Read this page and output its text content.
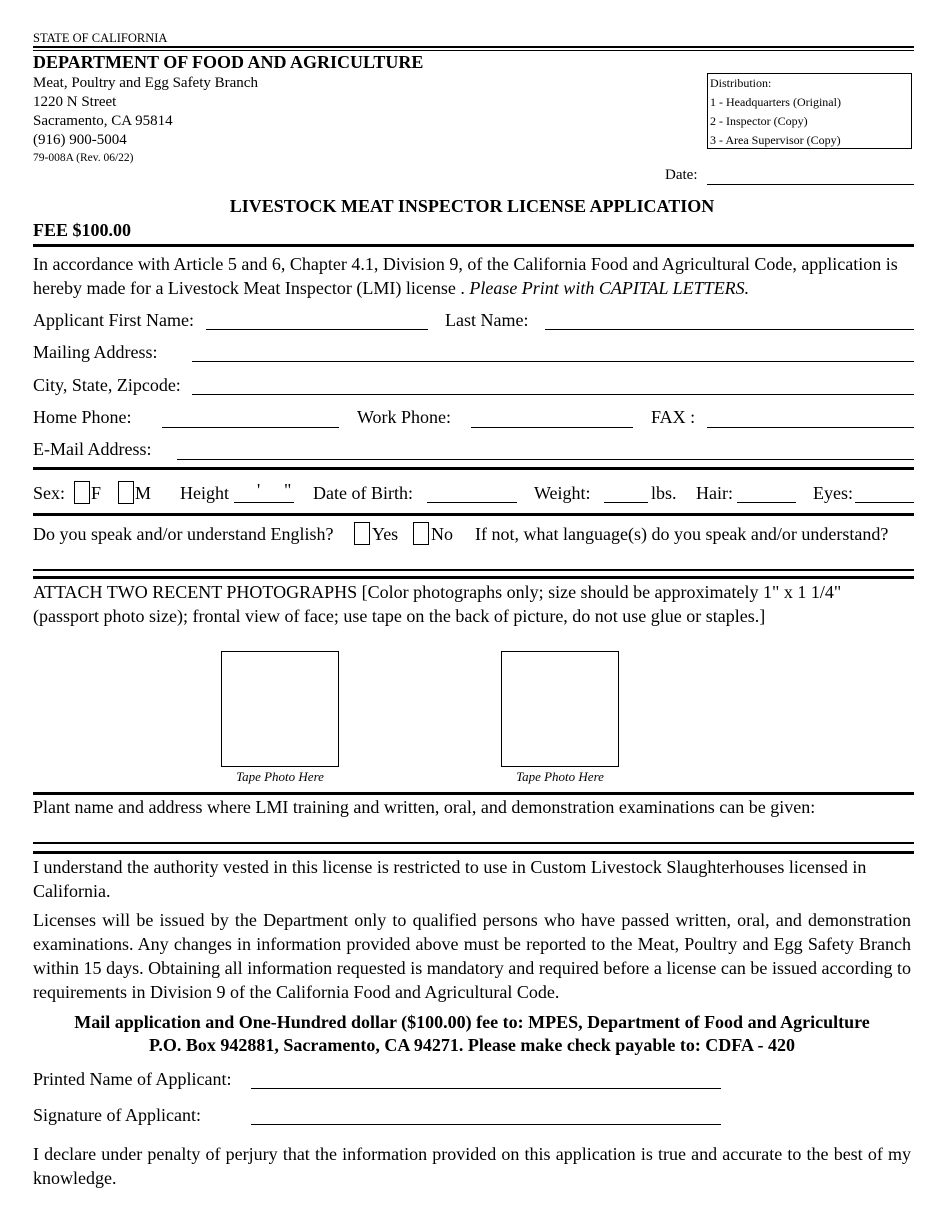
STATE OF CALIFORNIA
DEPARTMENT OF FOOD AND AGRICULTURE
Meat, Poultry and Egg Safety Branch
1220 N Street
Sacramento, CA 95814
(916) 900-5004
79-008A (Rev. 06/22)
Distribution:
1 - Headquarters (Original)
2 - Inspector (Copy)
3 - Area Supervisor (Copy)
Date:
LIVESTOCK MEAT INSPECTOR LICENSE APPLICATION
FEE $100.00
In accordance with Article 5 and 6, Chapter 4.1, Division 9, of the California Food and Agricultural Code, application is hereby made for a Livestock Meat Inspector (LMI) license . Please Print with CAPITAL LETTERS.
Applicant First Name:	Last Name:
Mailing Address:
City, State, Zipcode:
Home Phone:	Work Phone:	FAX :
E-Mail Address:
Sex: F M Height ' " Date of Birth:	Weight:	lbs. Hair:	Eyes:
Do you speak and/or understand English? Yes No If not, what language(s) do you speak and/or understand?
ATTACH TWO RECENT PHOTOGRAPHS [Color photographs only; size should be approximately 1" x 1 1/4" (passport photo size); frontal view of face; use tape on the back of picture, do not use glue or staples.]
Tape Photo Here	Tape Photo Here
Plant name and address where LMI training and written, oral, and demonstration examinations can be given:
I understand the authority vested in this license is restricted to use in Custom Livestock Slaughterhouses licensed in California.
Licenses will be issued by the Department only to qualified persons who have passed written, oral, and demonstration examinations. Any changes in information provided above must be reported to the Meat, Poultry and Egg Safety Branch within 15 days. Obtaining all information requested is mandatory and required before a license can be issued according to requirements in Division 9 of the California Food and Agricultural Code.
Mail application and One-Hundred dollar ($100.00) fee to: MPES, Department of Food and Agriculture
P.O. Box 942881, Sacramento, CA 94271. Please make check payable to: CDFA - 420
Printed Name of Applicant:
Signature of Applicant:
I declare under penalty of perjury that the information provided on this application is true and accurate to the best of my knowledge.
